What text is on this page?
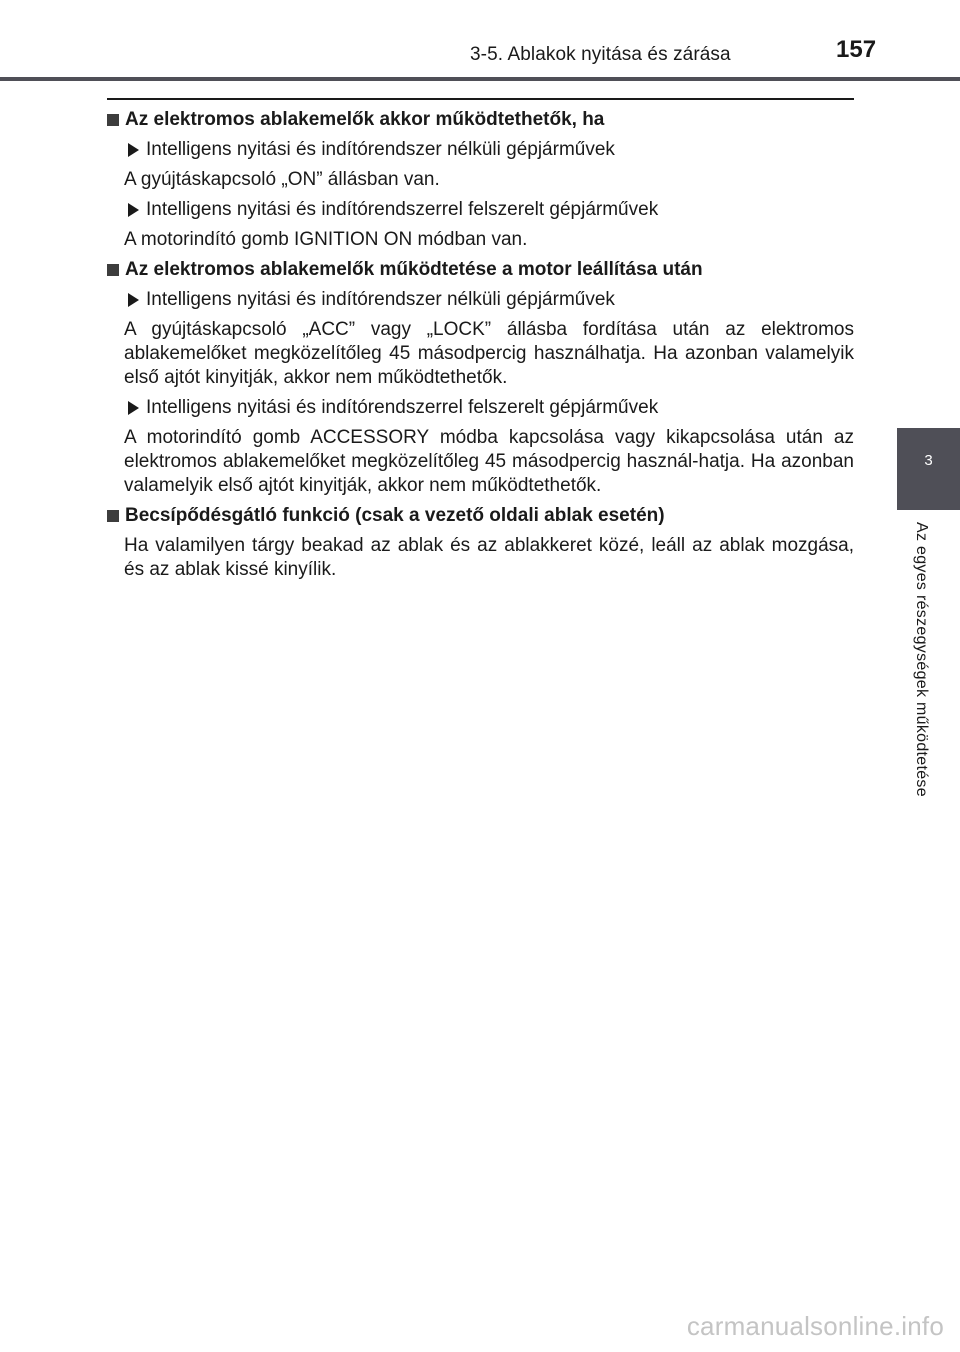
3-5. Ablakok nyitása és zárása	157
3
Az egyes részegységek működtetése
Az elektromos ablakemelők akkor működtethetők, ha
Intelligens nyitási és indítórendszer nélküli gépjárművek
A gyújtáskapcsoló „ON” állásban van.
Intelligens nyitási és indítórendszerrel felszerelt gépjárművek
A motorindító gomb IGNITION ON módban van.
Az elektromos ablakemelők működtetése a motor leállítása után
Intelligens nyitási és indítórendszer nélküli gépjárművek
A gyújtáskapcsoló „ACC” vagy „LOCK” állásba fordítása után az elektromos ablakemelőket megközelítőleg 45 másodpercig használhatja. Ha azonban valamelyik első ajtót kinyitják, akkor nem működtethetők.
Intelligens nyitási és indítórendszerrel felszerelt gépjárművek
A motorindító gomb ACCESSORY módba kapcsolása vagy kikapcsolása után az elektromos ablakemelőket megközelítőleg 45 másodpercig használ-hatja. Ha azonban valamelyik első ajtót kinyitják, akkor nem működtethetők.
Becsípődésgátló funkció (csak a vezető oldali ablak esetén)
Ha valamilyen tárgy beakad az ablak és az ablakkeret közé, leáll az ablak mozgása, és az ablak kissé kinyílik.
carmanualsonline.info
